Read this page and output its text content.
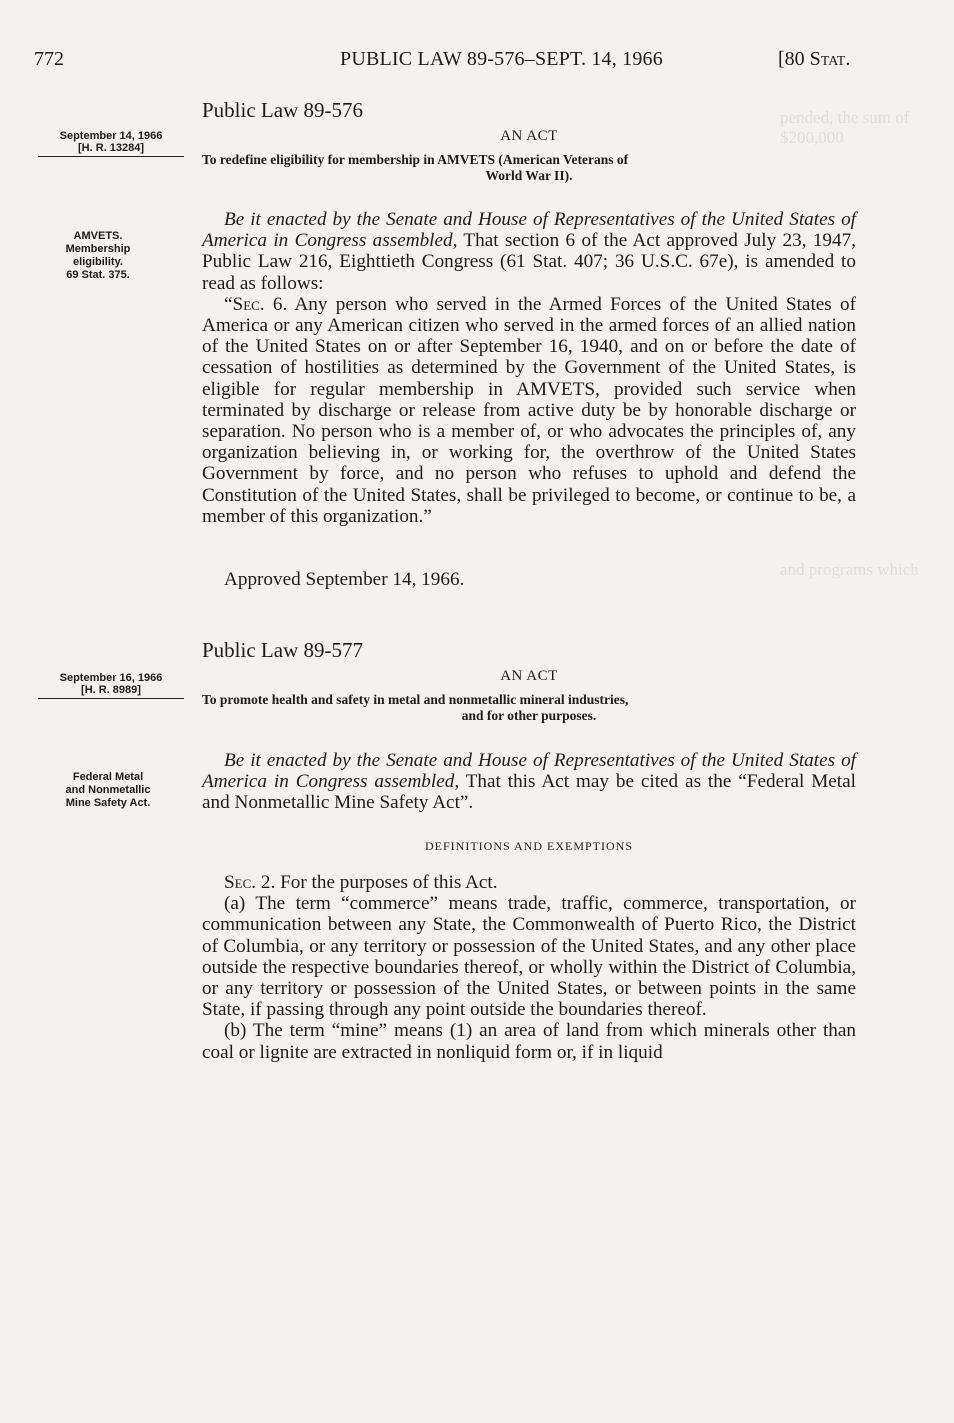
pended, the sum of $200,000
and programs which
772	PUBLIC LAW 89-576–SEPT. 14, 1966	[80 Stat.
Public Law 89-576
September 14, 1966
[H. R. 13284]
AN ACT
To redefine eligibility for membership in AMVETS (American Veterans of
World War II).
AMVETS.
Membership
eligibility.
69 Stat. 375.

Be it enacted by the Senate and House of Representatives of the United States of America in Congress assembled, That section 6 of the Act approved July 23, 1947, Public Law 216, Eighttieth Congress (61 Stat. 407; 36 U.S.C. 67e), is amended to read as follows:

“Sec. 6. Any person who served in the Armed Forces of the United States of America or any American citizen who served in the armed forces of an allied nation of the United States on or after September 16, 1940, and on or before the date of cessation of hostilities as determined by the Government of the United States, is eligible for regular membership in AMVETS, provided such service when terminated by discharge or release from active duty be by honorable discharge or separation. No person who is a member of, or who advocates the principles of, any organization believing in, or working for, the overthrow of the United States Government by force, and no person who refuses to uphold and defend the Constitution of the United States, shall be privileged to become, or continue to be, a member of this organization.”

Approved September 14, 1966.
Public Law 89-577
September 16, 1966
[H. R. 8989]
AN ACT
To promote health and safety in metal and nonmetallic mineral industries,
and for other purposes.
Federal Metal
and Nonmetallic
Mine Safety Act.

Be it enacted by the Senate and House of Representatives of the United States of America in Congress assembled, That this Act may be cited as the “Federal Metal and Nonmetallic Mine Safety Act”.

DEFINITIONS AND EXEMPTIONS

Sec. 2. For the purposes of this Act.

(a) The term “commerce” means trade, traffic, commerce, transportation, or communication between any State, the Commonwealth of Puerto Rico, the District of Columbia, or any territory or possession of the United States, and any other place outside the respective boundaries thereof, or wholly within the District of Columbia, or any territory or possession of the United States, or between points in the same State, if passing through any point outside the boundaries thereof.

(b) The term “mine” means (1) an area of land from which minerals other than coal or lignite are extracted in nonliquid form or, if in liquid
